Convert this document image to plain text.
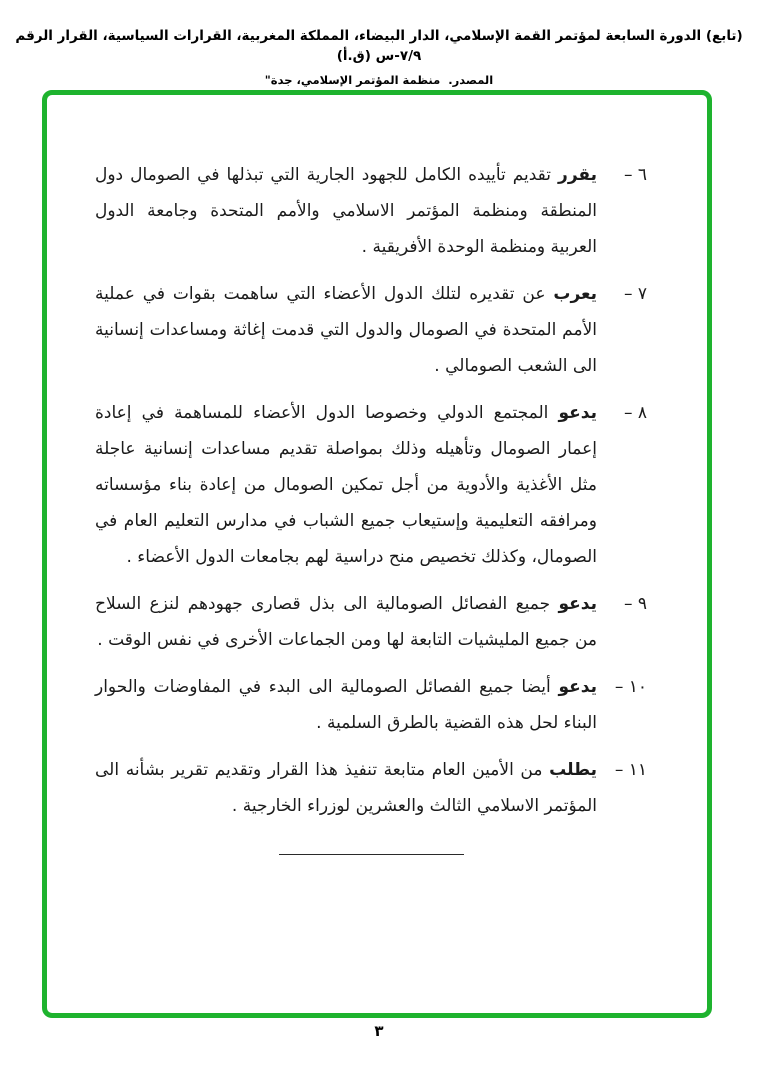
(تابع) الدورة السابعة لمؤتمر القمة الإسلامي، الدار البيضاء، المملكة المغربية، القرارات السياسية، القرار الرقم ٧/٩-س (ق.أ)
المصدر.  منظمة المؤتمر الإسلامي، جدة"
٦ –
يقرر تقديم تأييده الكامل للجهود الجارية التي تبذلها في الصومال دول المنطقة ومنظمة المؤتمر الاسلامي والأمم المتحدة وجامعة الدول العربية ومنظمة الوحدة الأفريقية .
٧ –
يعرب عن تقديره لتلك الدول الأعضاء التي ساهمت بقوات في عملية الأمم المتحدة في الصومال والدول التي قدمت إغاثة ومساعدات إنسانية الى الشعب الصومالي .
٨ –
يدعو المجتمع الدولي وخصوصا الدول الأعضاء للمساهمة في إعادة إعمار الصومال وتأهيله وذلك بمواصلة تقديم مساعدات إنسانية عاجلة مثل الأغذية والأدوية من أجل تمكين الصومال من إعادة بناء مؤسساته ومرافقه التعليمية وإستيعاب جميع الشباب في مدارس التعليم العام في الصومال، وكذلك تخصيص منح دراسية لهم بجامعات الدول الأعضاء .
٩ –
يدعو جميع الفصائل الصومالية الى بذل قصارى جهودهم لنزع السلاح من جميع المليشيات التابعة لها ومن الجماعات الأخرى في نفس الوقت .
١٠ –
يدعو أيضا جميع الفصائل الصومالية الى البدء في المفاوضات والحوار البناء لحل هذه القضية بالطرق السلمية .
١١ –
يطلب من الأمين العام متابعة تنفيذ هذا القرار وتقديم تقرير بشأنه الى المؤتمر الاسلامي الثالث والعشرين لوزراء الخارجية .
٣
